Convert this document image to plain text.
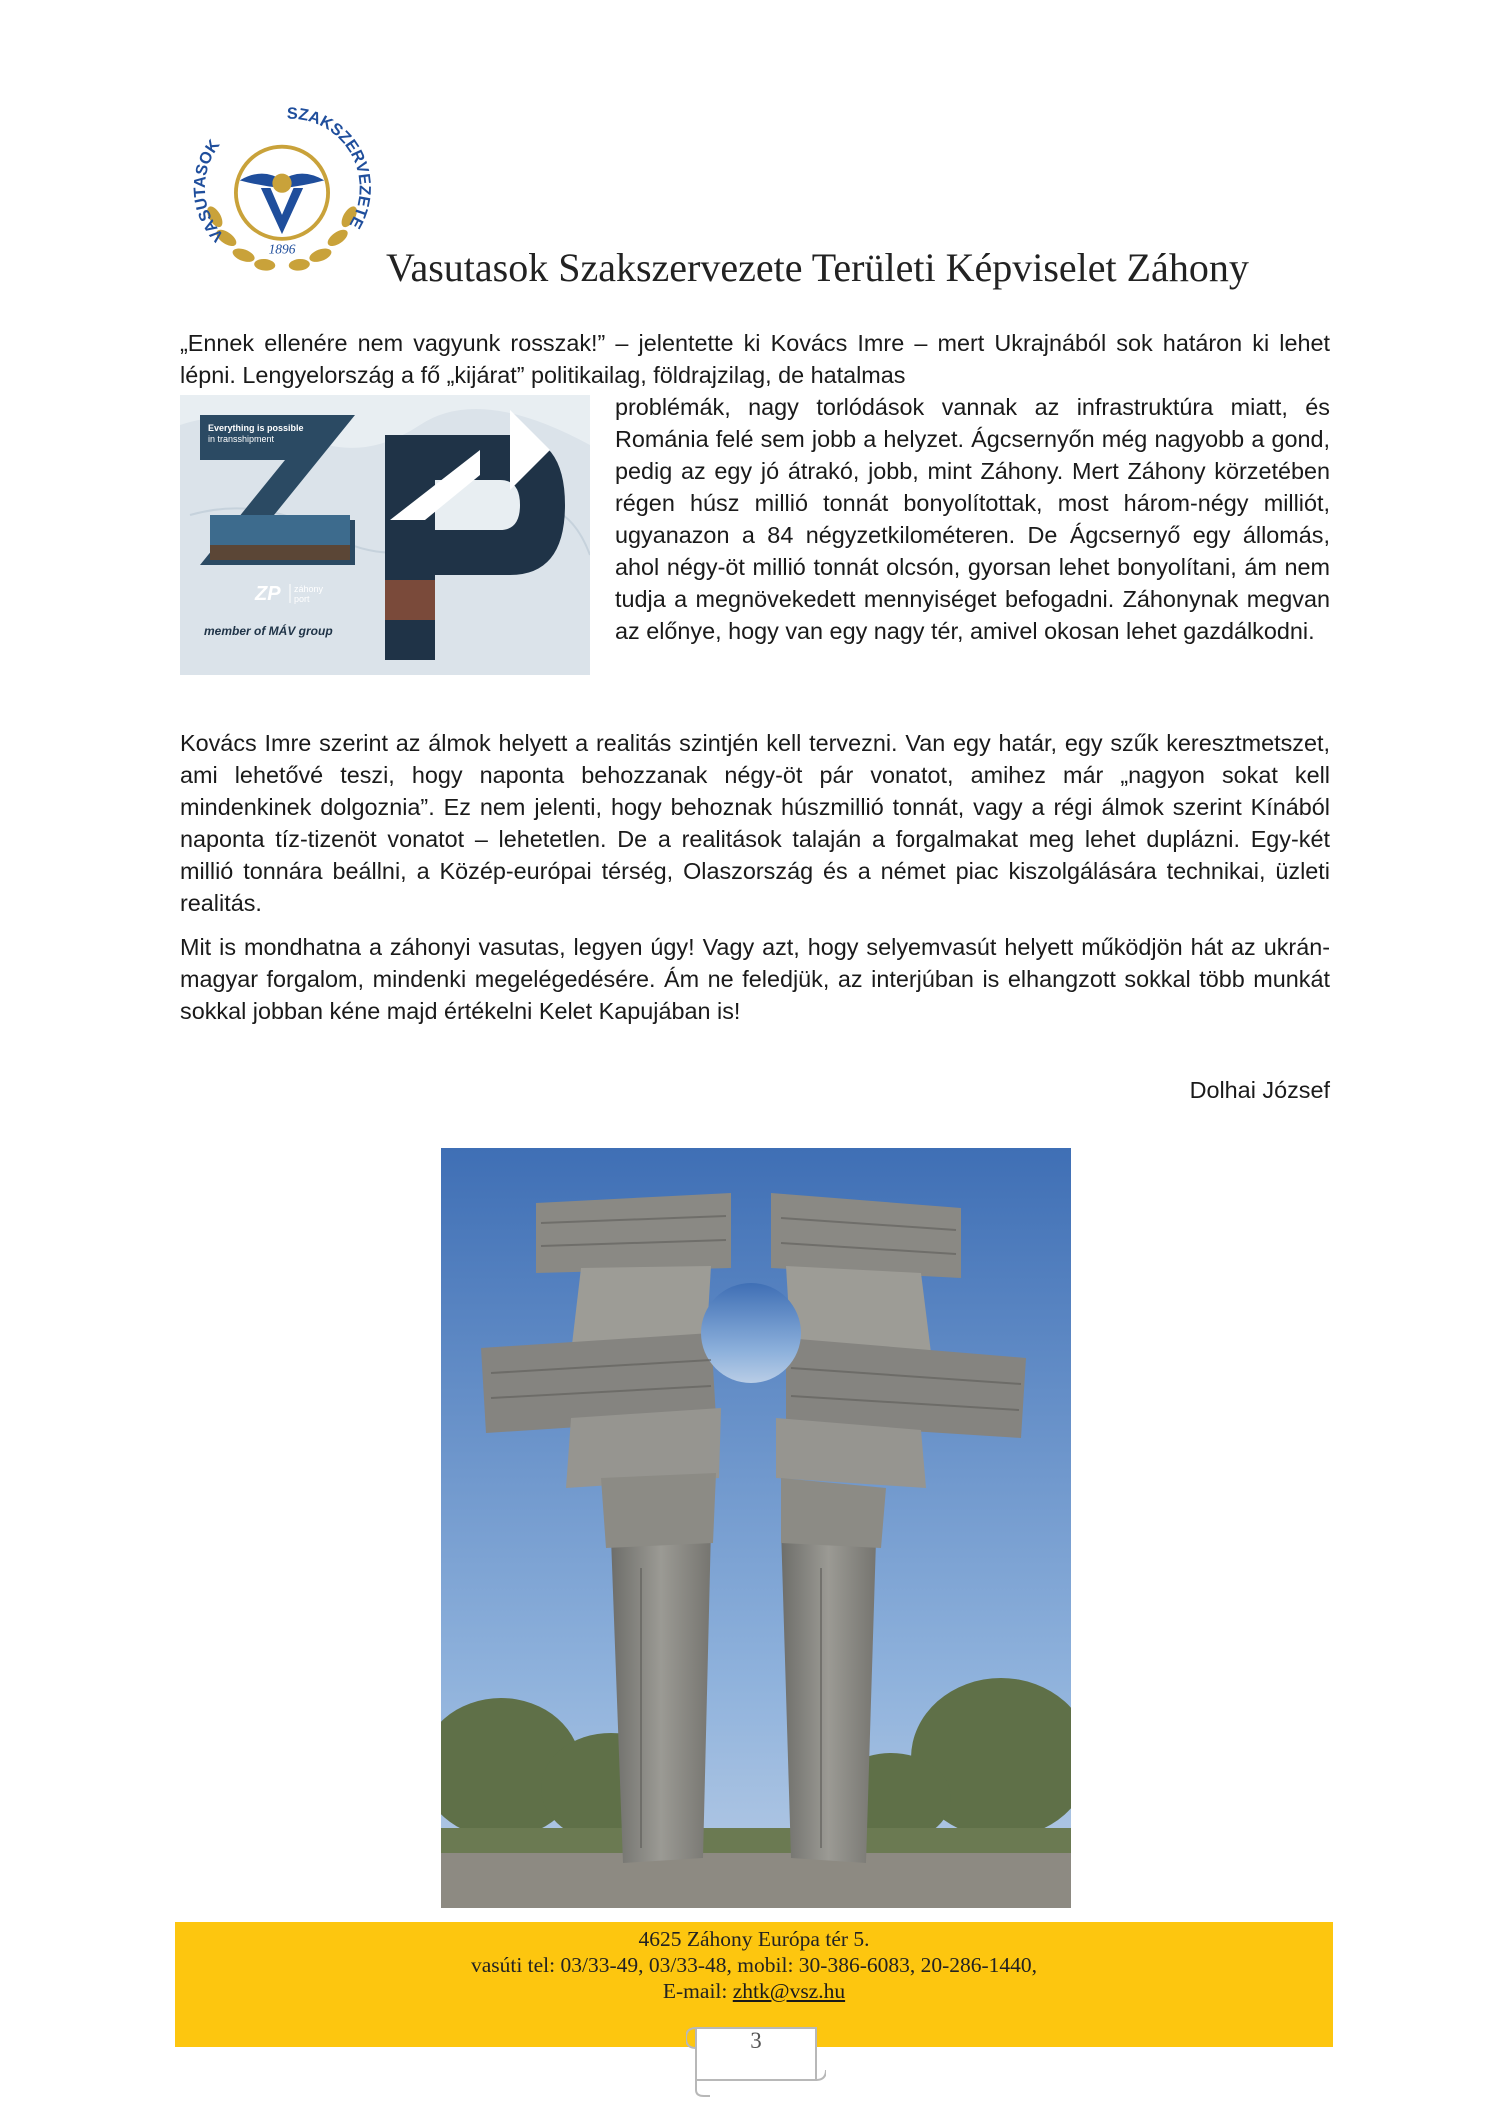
VASUTASOK
SZAKSZERVEZETE
1896 Vasutasok Szakszervezete Területi Képviselet Záhony

„Ennek ellenére nem vagyunk rosszak!” – jelentette ki Kovács Imre – mert Ukrajnából sok határon ki lehet lépni. Lengyelország a fő „kijárat” politikailag, földrajzilag, de hatalmas

Everything is possible
in transshipment
ZP záhony
port
member of MÁV group

problémák, nagy torlódások vannak az infrastruktúra miatt, és Románia felé sem jobb a helyzet. Ágcsernyőn még nagyobb a gond, pedig az egy jó átrakó, jobb, mint Záhony. Mert Záhony körzetében régen húsz millió tonnát bonyolítottak, most három-négy milliót, ugyanazon a 84 négyzetkilométeren. De Ágcsernyő egy állomás, ahol négy-öt millió tonnát olcsón, gyorsan lehet bonyolítani, ám nem tudja a megnövekedett mennyiséget befogadni. Záhonynak megvan az előnye, hogy van egy nagy tér, amivel okosan lehet gazdálkodni.

Kovács Imre szerint az álmok helyett a realitás szintjén kell tervezni. Van egy határ, egy szűk keresztmetszet, ami lehetővé teszi, hogy naponta behozzanak négy-öt pár vonatot, amihez már „nagyon sokat kell mindenkinek dolgoznia”. Ez nem jelenti, hogy behoznak húszmillió tonnát, vagy a régi álmok szerint Kínából naponta tíz-tizenöt vonatot – lehetetlen. De a realitások talaján a forgalmakat meg lehet duplázni. Egy-két millió tonnára beállni, a Közép-európai térség, Olaszország és a német piac kiszolgálására technikai, üzleti realitás.

Mit is mondhatna a záhonyi vasutas, legyen úgy! Vagy azt, hogy selyemvasút helyett működjön hát az ukrán-magyar forgalom, mindenki megelégedésére. Ám ne feledjük, az interjúban is elhangzott sokkal több munkát sokkal jobban kéne majd értékelni Kelet Kapujában is!

Dolhai József
4625 Záhony Európa tér 5.
vasúti tel: 03/33-49, 03/33-48, mobil: 30-386-6083, 20-286-1440,
E-mail: zhtk@vsz.hu
3
